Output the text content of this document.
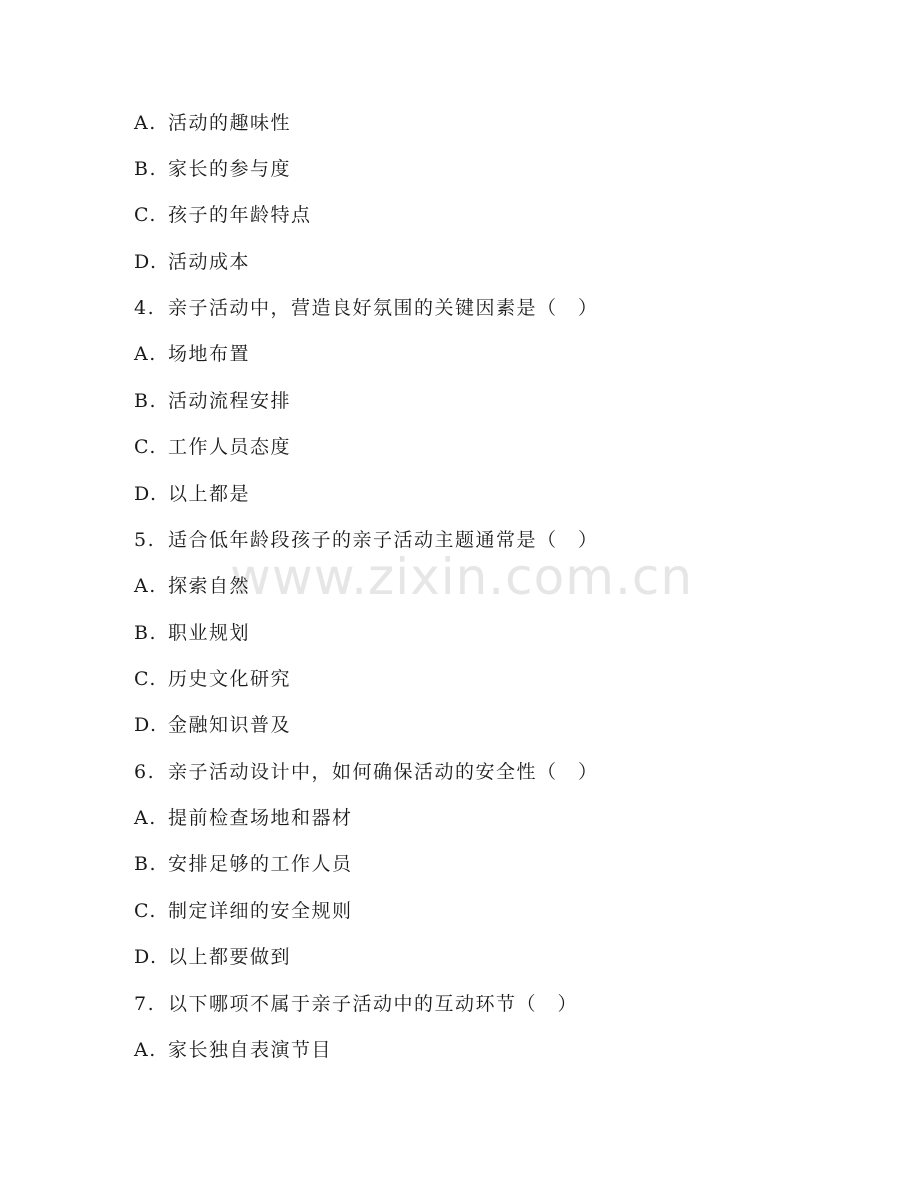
www.zixin.com.cn
A. 活动的趣味性
B. 家长的参与度
C. 孩子的年龄特点
D. 活动成本
4. 亲子活动中，营造良好氛围的关键因素是（　）
A. 场地布置
B. 活动流程安排
C. 工作人员态度
D. 以上都是
5. 适合低年龄段孩子的亲子活动主题通常是（　）
A. 探索自然
B. 职业规划
C. 历史文化研究
D. 金融知识普及
6. 亲子活动设计中，如何确保活动的安全性（　）
A. 提前检查场地和器材
B. 安排足够的工作人员
C. 制定详细的安全规则
D. 以上都要做到
7. 以下哪项不属于亲子活动中的互动环节（　）
A. 家长独自表演节目
